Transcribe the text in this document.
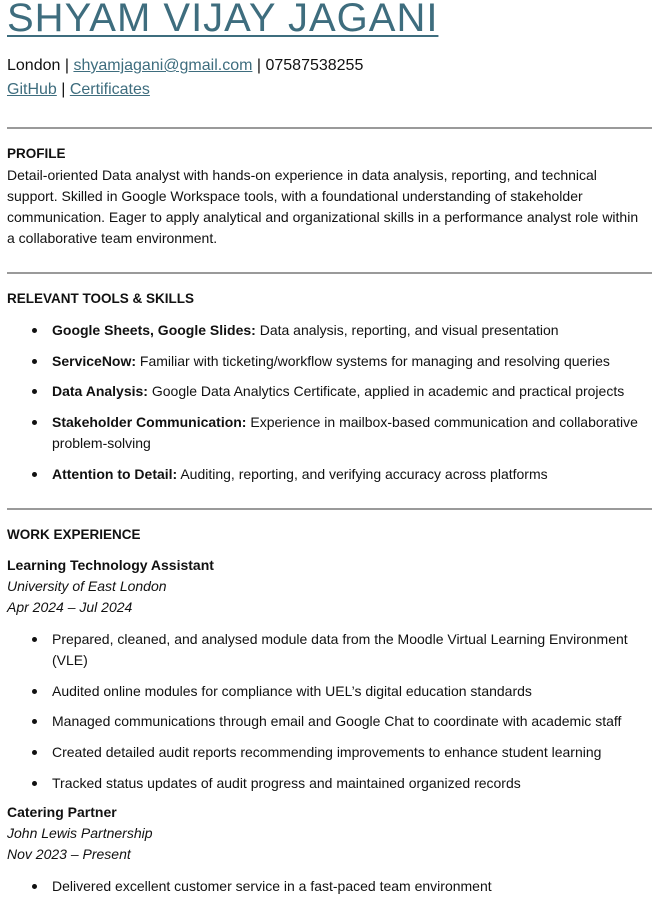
SHYAM VIJAY JAGANI
London | shyamjagani@gmail.com | 07587538255
GitHub | Certificates
PROFILE
Detail-oriented Data analyst with hands-on experience in data analysis, reporting, and technical support. Skilled in Google Workspace tools, with a foundational understanding of stakeholder communication. Eager to apply analytical and organizational skills in a performance analyst role within a collaborative team environment.
RELEVANT TOOLS & SKILLS
Google Sheets, Google Slides: Data analysis, reporting, and visual presentation
ServiceNow: Familiar with ticketing/workflow systems for managing and resolving queries
Data Analysis: Google Data Analytics Certificate, applied in academic and practical projects
Stakeholder Communication: Experience in mailbox-based communication and collaborative problem-solving
Attention to Detail: Auditing, reporting, and verifying accuracy across platforms
WORK EXPERIENCE
Learning Technology Assistant
University of East London
Apr 2024 – Jul 2024
Prepared, cleaned, and analysed module data from the Moodle Virtual Learning Environment (VLE)
Audited online modules for compliance with UEL’s digital education standards
Managed communications through email and Google Chat to coordinate with academic staff
Created detailed audit reports recommending improvements to enhance student learning
Tracked status updates of audit progress and maintained organized records
Catering Partner
John Lewis Partnership
Nov 2023 – Present
Delivered excellent customer service in a fast-paced team environment
